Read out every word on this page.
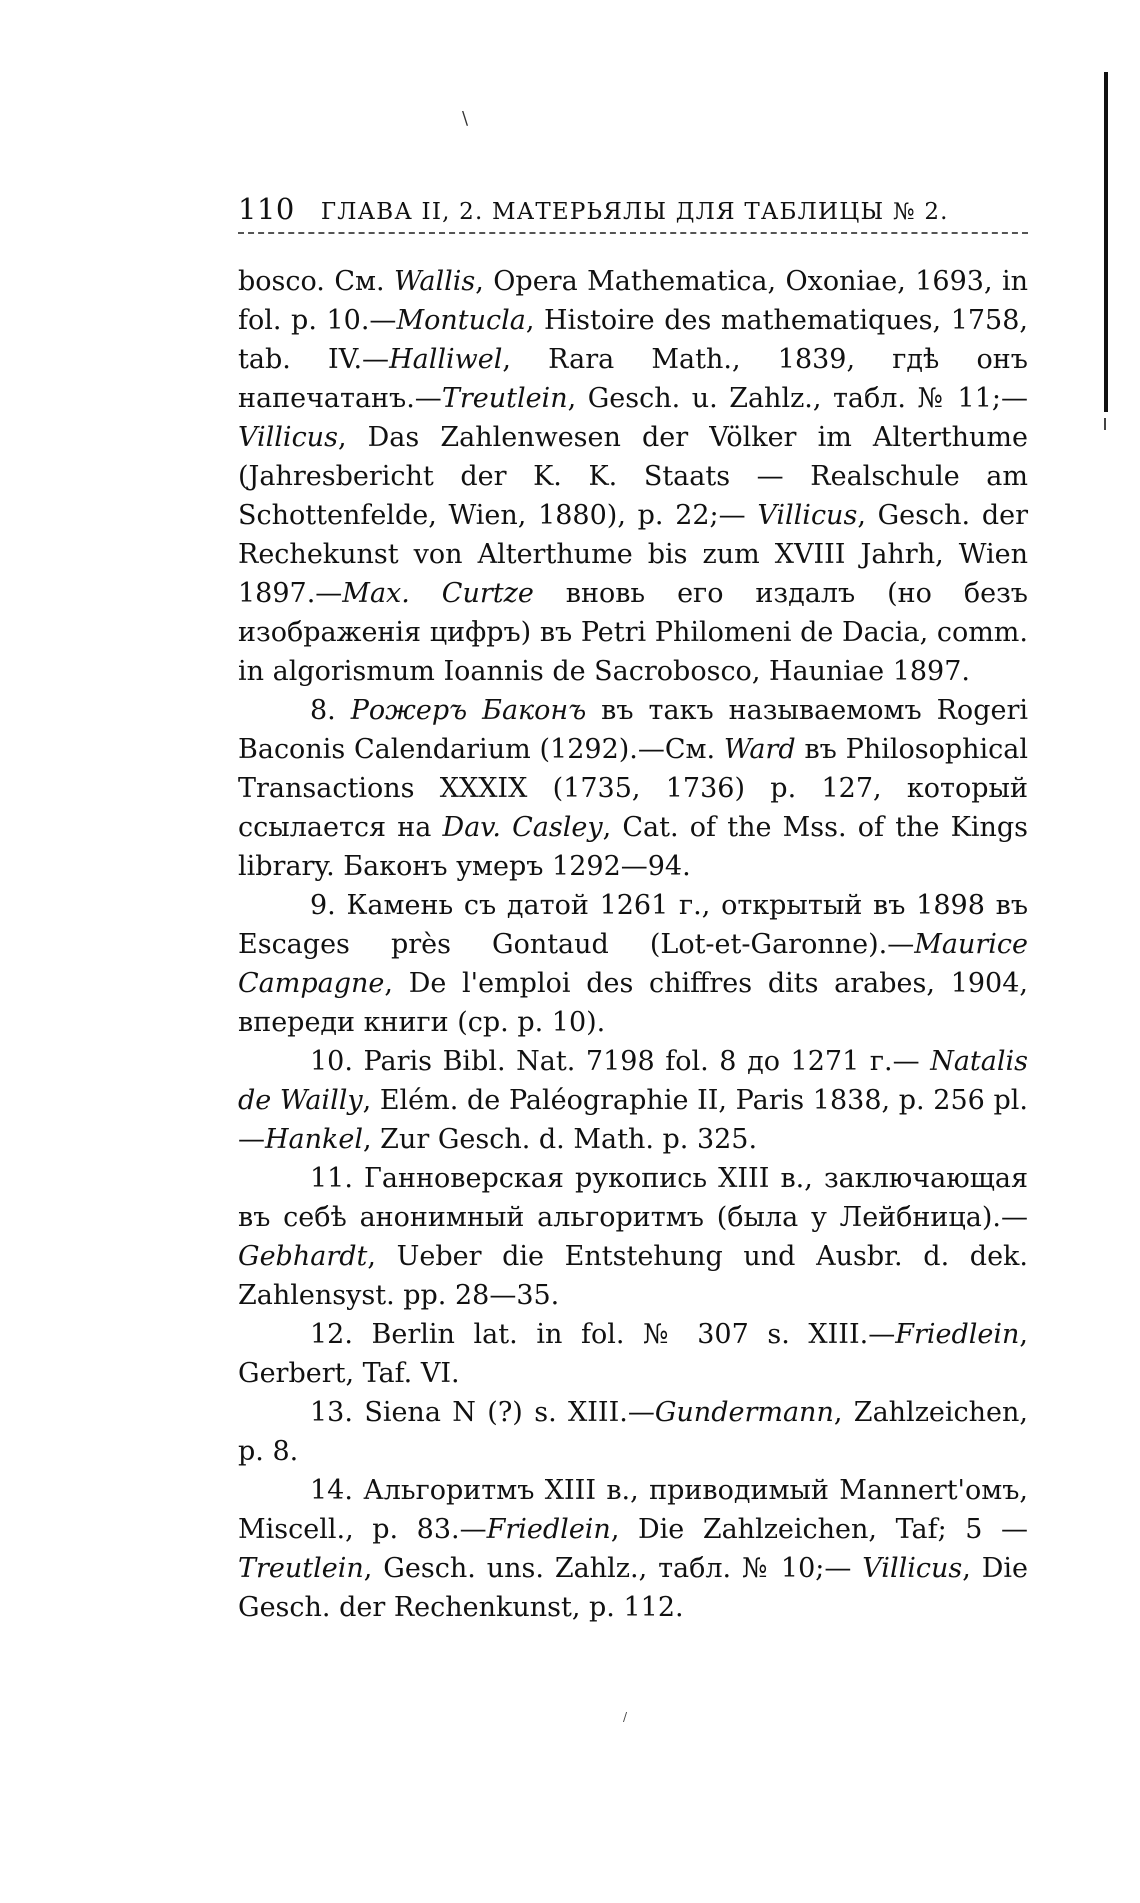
\
110 ГЛАВА II, 2. МАТЕРЬЯЛЫ ДЛЯ ТАБЛИЦЫ № 2.

bosco. См. Wallis, Opera Mathematica, Oxoniae, 1693, in fol. p. 10.—Montucla, Histoire des mathematiques, 1758, tab. IV.—Halliwel, Rara Math., 1839, гдѣ онъ напечатанъ.—Treutlein, Gesch. u. Zahlz., табл. № 11;— Villicus, Das Zahlenwesen der Völker im Alterthume (Jahresbericht der K. K. Staats — Realschule am Schottenfelde, Wien, 1880), p. 22;— Villicus, Gesch. der Rechekunst von Alterthume bis zum XVIII Jahrh, Wien 1897.—Max. Curtze вновь его издалъ (но безъ изображенія цифръ) въ Petri Philomeni de Dacia, comm. in algorismum Ioannis de Sacrobosco, Hauniae 1897.

8. Рожеръ Баконъ въ такъ называемомъ Rogeri Baconis Calendarium (1292).—См. Ward въ Philosophical Transactions XXXIX (1735, 1736) p. 127, который ссылается на Dav. Casley, Cat. of the Mss. of the Kings library. Баконъ умеръ 1292—94.

9. Камень съ датой 1261 г., открытый въ 1898 въ Escages près Gontaud (Lot-et-Garonne).—Maurice Campagne, De l'emploi des chiffres dits arabes, 1904, впереди книги (ср. p. 10).

10. Paris Bibl. Nat. 7198 fol. 8 до 1271 г.— Natalis de Wailly, Elém. de Paléographie II, Paris 1838, p. 256 pl.—Hankel, Zur Gesch. d. Math. p. 325.

11. Ганноверская рукопись XIII в., заключающая въ себѣ анонимный альгоритмъ (была у Лейбница).—Gebhardt, Ueber die Entstehung und Ausbr. d. dek. Zahlensyst. pp. 28—35.

12. Berlin lat. in fol. № 307 s. XIII.—Friedlein, Gerbert, Taf. VI.

13. Siena N (?) s. XIII.—Gundermann, Zahlzeichen, p. 8.

14. Альгоритмъ XIII в., приводимый Mannert'омъ, Miscell., p. 83.—Friedlein, Die Zahlzeichen, Taf; 5 — Treutlein, Gesch. uns. Zahlz., табл. № 10;— Villicus, Die Gesch. der Rechenkunst, p. 112.

/
